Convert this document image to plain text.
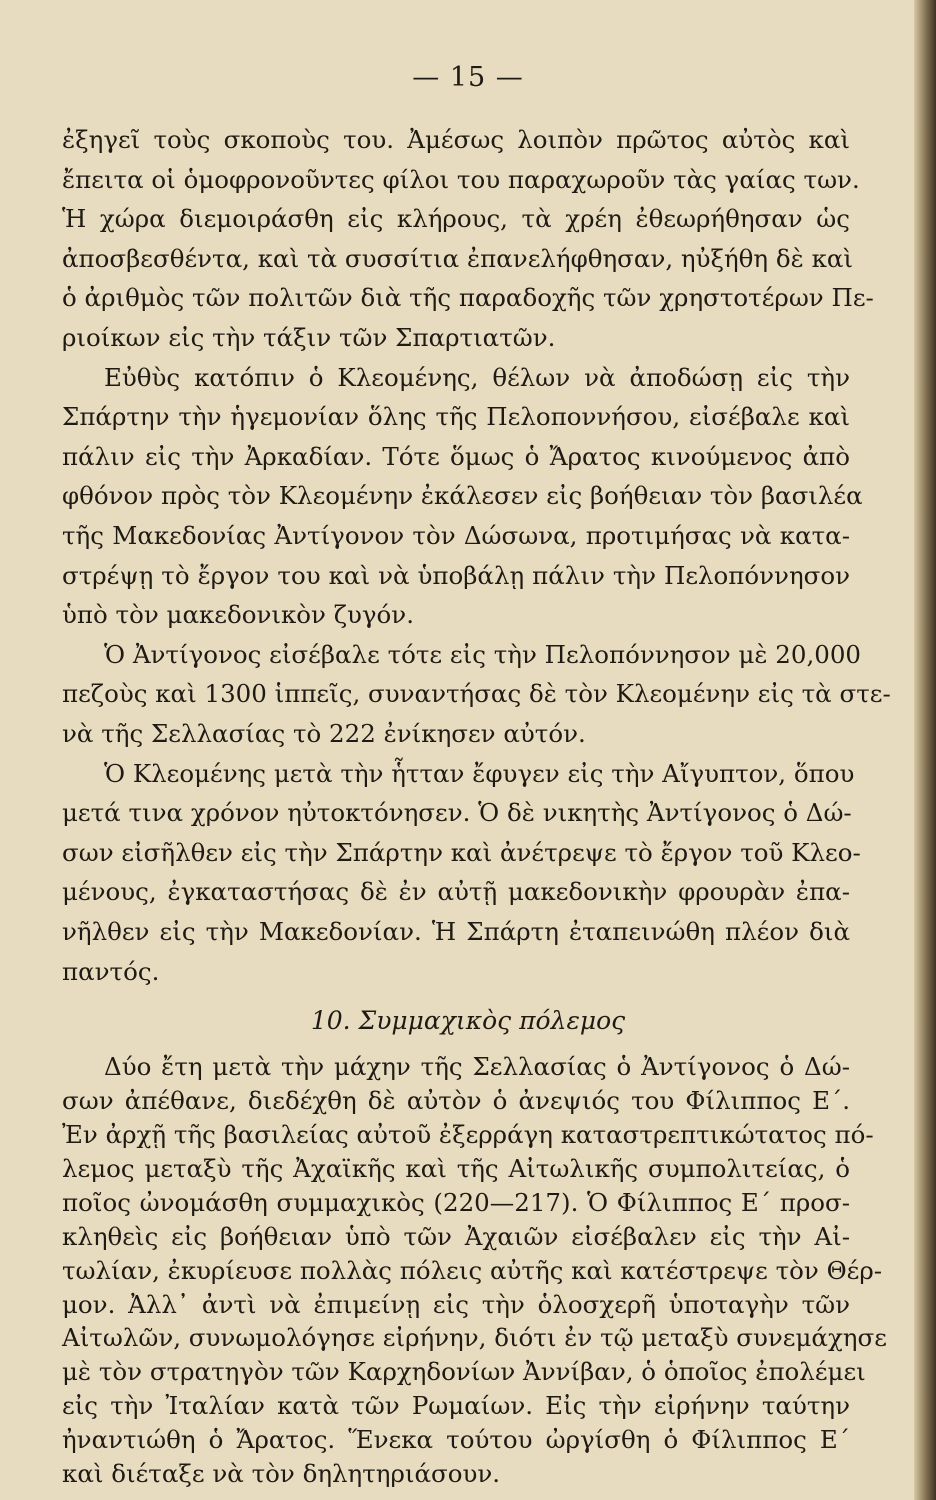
— 15 —
ἐξηγεῖ τοὺς σκοποὺς του. Ἀμέσως λοιπὸν πρῶτος αὐτὸς καὶ
ἔπειτα οἱ ὁμοφρονοῦντες φίλοι του παραχωροῦν τὰς γαίας των.
Ἡ χώρα διεμοιράσθη εἰς κλήρους, τὰ χρέη ἐθεωρήθησαν ὡς
ἀποσβεσθέντα, καὶ τὰ συσσίτια ἐπανελήφθησαν, ηὐξήθη δὲ καὶ
ὁ ἀριθμὸς τῶν πολιτῶν διὰ τῆς παραδοχῆς τῶν χρηστοτέρων Πε-
ριοίκων εἰς τὴν τάξιν τῶν Σπαρτιατῶν.
Εὐθὺς κατόπιν ὁ Κλεομένης, θέλων νὰ ἀποδώσῃ εἰς τὴν
Σπάρτην τὴν ἡγεμονίαν ὅλης τῆς Πελοποννήσου, εἰσέβαλε καὶ
πάλιν εἰς τὴν Ἀρκαδίαν. Τότε ὅμως ὁ Ἄρατος κινούμενος ἀπὸ
φθόνον πρὸς τὸν Κλεομένην ἐκάλεσεν εἰς βοήθειαν τὸν βασιλέα
τῆς Μακεδονίας Ἀντίγονον τὸν Δώσωνα, προτιμήσας νὰ κατα-
στρέψῃ τὸ ἔργον του καὶ νὰ ὑποβάλῃ πάλιν τὴν Πελοπόννησον
ὑπὸ τὸν μακεδονικὸν ζυγόν.
Ὁ Ἀντίγονος εἰσέβαλε τότε εἰς τὴν Πελοπόννησον μὲ 20,000
πεζοὺς καὶ 1300 ἱππεῖς, συναντήσας δὲ τὸν Κλεομένην εἰς τὰ στε-
νὰ τῆς Σελλασίας τὸ 222 ἐνίκησεν αὐτόν.
Ὁ Κλεομένης μετὰ τὴν ἧτταν ἔφυγεν εἰς τὴν Αἴγυπτον, ὅπου
μετά τινα χρόνον ηὐτοκτόνησεν. Ὁ δὲ νικητὴς Ἀντίγονος ὁ Δώ-
σων εἰσῆλθεν εἰς τὴν Σπάρτην καὶ ἀνέτρεψε τὸ ἔργον τοῦ Κλεο-
μένους, ἐγκαταστήσας δὲ ἐν αὐτῇ μακεδονικὴν φρουρὰν ἐπα-
νῆλθεν εἰς τὴν Μακεδονίαν. Ἡ Σπάρτη ἐταπεινώθη πλέον διὰ
παντός.
10. Συμμαχικὸς πόλεμος
Δύο ἔτη μετὰ τὴν μάχην τῆς Σελλασίας ὁ Ἀντίγονος ὁ Δώ-
σων ἀπέθανε, διεδέχθη δὲ αὐτὸν ὁ ἀνεψιός του Φίλιππος Ε΄.
Ἐν ἀρχῇ τῆς βασιλείας αὐτοῦ ἐξερράγη καταστρεπτικώτατος πό-
λεμος μεταξὺ τῆς Ἀχαϊκῆς καὶ τῆς Αἰτωλικῆς συμπολιτείας, ὁ
ποῖος ὠνομάσθη συμμαχικὸς (220—217). Ὁ Φίλιππος Ε΄ προσ-
κληθεὶς εἰς βοήθειαν ὑπὸ τῶν Ἀχαιῶν εἰσέβαλεν εἰς τὴν Αἰ-
τωλίαν, ἐκυρίευσε πολλὰς πόλεις αὐτῆς καὶ κατέστρεψε τὸν Θέρ-
μον. Ἀλλ᾽ ἀντὶ νὰ ἐπιμείνῃ εἰς τὴν ὁλοσχερῆ ὑποταγὴν τῶν
Αἰτωλῶν, συνωμολόγησε εἰρήνην, διότι ἐν τῷ μεταξὺ συνεμάχησε
μὲ τὸν στρατηγὸν τῶν Καρχηδονίων Ἀννίβαν, ὁ ὁποῖος ἐπολέμει
εἰς τὴν Ἰταλίαν κατὰ τῶν Ρωμαίων. Εἰς τὴν εἰρήνην ταύτην
ἠναντιώθη ὁ Ἄρατος. Ἕνεκα τούτου ὠργίσθη ὁ Φίλιππος Ε΄
καὶ διέταξε νὰ τὸν δηλητηριάσουν.
